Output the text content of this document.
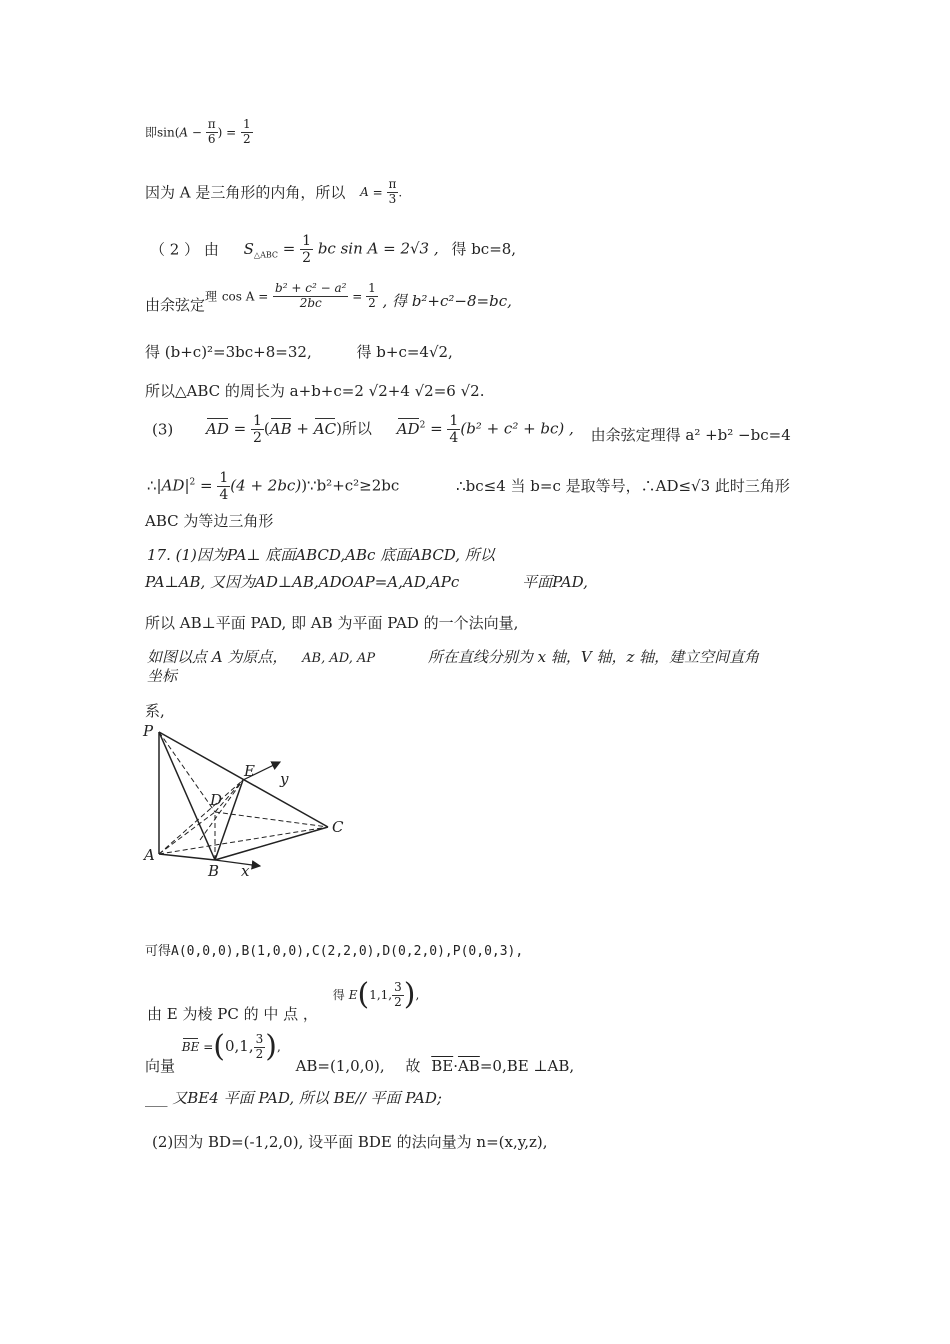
即$\sin(A - \frac{\pi}{6}$ ) = $\frac{1}{2}$
因为 A 是三角形的内角，所以 $A = \frac{\pi}{3}$ .
（ 2 ） 由 $S_{\triangle ABC} = \frac{1}{2}$ bc sin A = 2√3 , 得 bc=8,
由余弦定理 $\cos A = \frac{\text{b² + c² − a²}}{2bc} = \frac{1}{2}$ , 得 b²+c²−8=bc,
得 (b+c)²=3bc+8=32,	得 b+c=4√2,
所以△ABC 的周长为 a+b+c=2 √2+4 √2=6 √2.
(3) AD = $\frac{1}{2} (AB + AC)$所以 $AD^2 = \frac{1}{4} (b^2 + c^2 + bc)$ , 由余弦定理得 a² +b² −bc=4
$\therefore|AD|^2 = \frac{1}{4} (4$ + 2bc))∵b²+c²≥2bc	∴bc≤4 当 b=c 是取等号，∴AD≤√3 此时三角形
ABC 为等边三角形
17. (1)因为PA⊥ 底面ABCD,ABc 底面ABCD, 所以
PA⊥AB, 又因为AD⊥AB,ADOAP=A,AD,APc	平面PAD,
所以 AB⊥平面 PAD, 即 AB 为平面 PAD 的一个法向量,
如图以点 A 为原点， AB, AD, AP	所在直线分别为 x 轴，V 轴，z 轴，建立空间直角
坐标
系,
P
E y
D
C
A
B x
可得A(0,0,0),B(1,0,0),C(2,2,0),D(0,2,0),P(0,0,3),
由 E 为棱 PC 的 中 点 ， 得 E(1,1, $\frac{3}{2}$ ),
向量 BE =(0,1, $\frac{3}{2}$ ), AB=(1,0,0), 故 $\overline{BE}\cdot\overline{AB}=0,BE$ ⊥AB,
___ 又BE4 平面 PAD, 所以 BE// 平面 PAD;
(2)因为 BD=(-1,2,0), 设平面 BDE 的法向量为 n=(x,y,z),
